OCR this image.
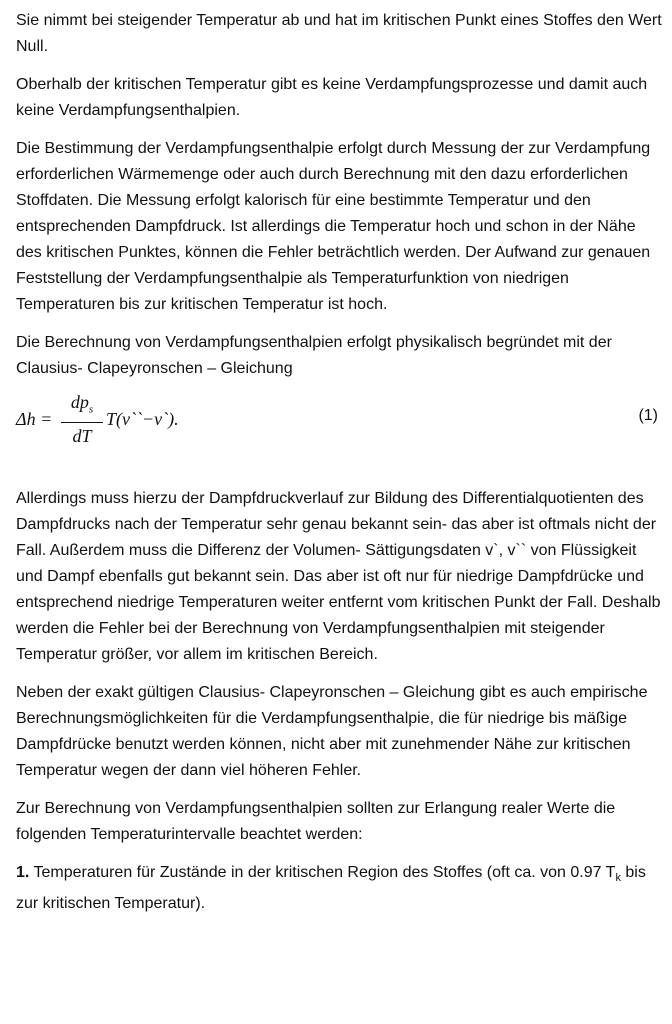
Sie nimmt bei steigender Temperatur ab und hat im kritischen Punkt eines Stoffes den Wert Null.

Oberhalb der kritischen Temperatur gibt es keine Verdampfungsprozesse und damit auch keine Verdampfungsenthalpien.

Die Bestimmung der Verdampfungsenthalpie erfolgt durch Messung der zur Verdampfung erforderlichen Wärmemenge oder auch durch Berechnung mit den dazu erforderlichen Stoffdaten. Die Messung erfolgt kalorisch für eine bestimmte Temperatur und den entsprechenden Dampfdruck. Ist allerdings die Temperatur hoch und schon in der Nähe des kritischen Punktes, können die Fehler beträchtlich werden. Der Aufwand zur genauen Feststellung der Verdampfungsenthalpie als Temperaturfunktion von niedrigen Temperaturen bis zur kritischen Temperatur ist hoch.

Die Berechnung von Verdampfungsenthalpien erfolgt physikalisch begründet mit der Clausius- Clapeyronschen – Gleichung

Δh =
$dp_s$
dT
T(v``−v`).	(1)

Allerdings muss hierzu der Dampfdruckverlauf zur Bildung des Differentialquotienten des Dampfdrucks nach der Temperatur sehr genau bekannt sein- das aber ist oftmals nicht der Fall. Außerdem muss die Differenz der Volumen- Sättigungsdaten v`, v`` von Flüssigkeit und Dampf ebenfalls gut bekannt sein. Das aber ist oft nur für niedrige Dampfdrücke und entsprechend niedrige Temperaturen weiter entfernt vom kritischen Punkt der Fall. Deshalb werden die Fehler bei der Berechnung von Verdampfungsenthalpien mit steigender Temperatur größer, vor allem im kritischen Bereich.

Neben der exakt gültigen Clausius- Clapeyronschen – Gleichung gibt es auch empirische Berechnungsmöglichkeiten für die Verdampfungsenthalpie, die für niedrige bis mäßige Dampfdrücke benutzt werden können, nicht aber mit zunehmender Nähe zur kritischen Temperatur wegen der dann viel höheren Fehler.

Zur Berechnung von Verdampfungsenthalpien sollten zur Erlangung realer Werte die folgenden Temperaturintervalle beachtet werden:

1. Temperaturen für Zustände in der kritischen Region des Stoffes (oft ca. von 0.97 $T_k$ bis zur kritischen Temperatur).
